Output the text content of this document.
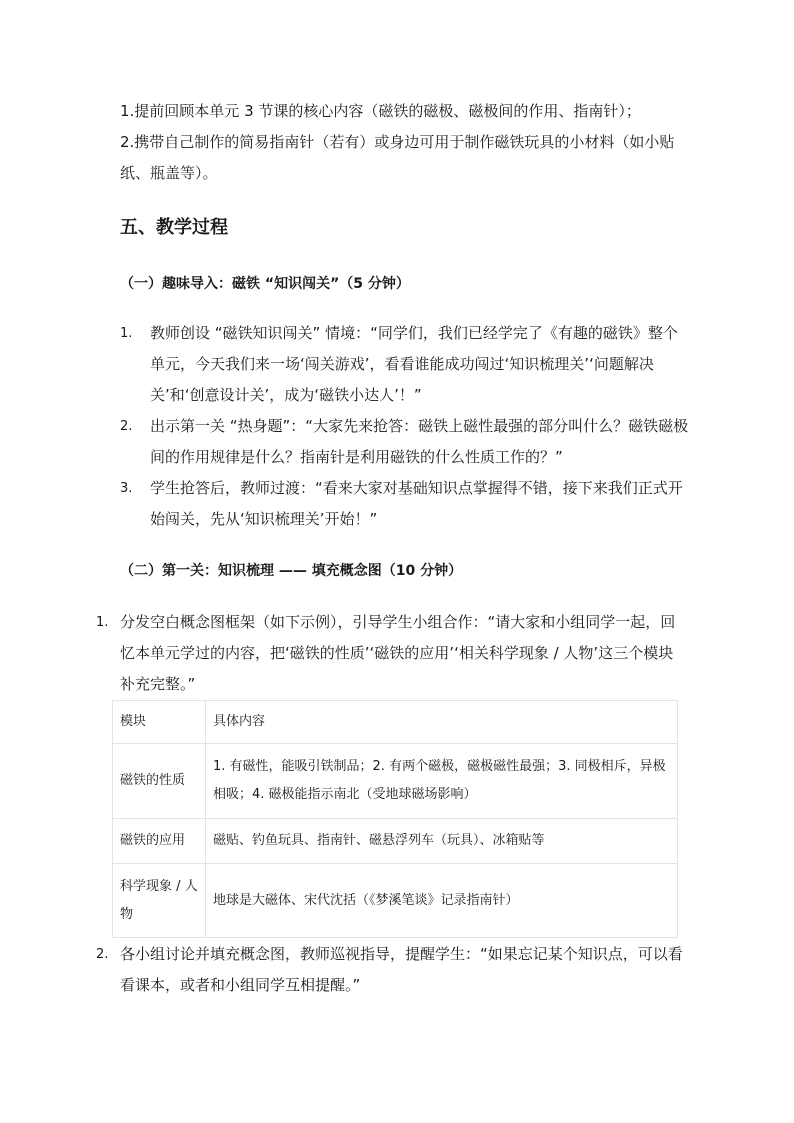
1.提前回顾本单元 3 节课的核心内容（磁铁的磁极、磁极间的作用、指南针）；

2.携带自己制作的简易指南针（若有）或身边可用于制作磁铁玩具的小材料（如小贴纸、瓶盖等）。

五、教学过程
（一）趣味导入：磁铁 “知识闯关”（5 分钟）
1. 教师创设 “磁铁知识闯关” 情境：“同学们，我们已经学完了《有趣的磁铁》整个单元，今天我们来一场‘闯关游戏’，看看谁能成功闯过‘知识梳理关’‘问题解决关’和‘创意设计关’，成为‘磁铁小达人’！”
2. 出示第一关 “热身题”：“大家先来抢答：磁铁上磁性最强的部分叫什么？磁铁磁极间的作用规律是什么？指南针是利用磁铁的什么性质工作的？”
3. 学生抢答后，教师过渡：“看来大家对基础知识点掌握得不错，接下来我们正式开始闯关，先从‘知识梳理关’开始！”
（二）第一关：知识梳理 —— 填充概念图（10 分钟）
1. 分发空白概念图框架（如下示例），引导学生小组合作：“请大家和小组同学一起，回忆本单元学过的内容，把‘磁铁的性质’‘磁铁的应用’‘相关科学现象 / 人物’这三个模块补充完整。”
模块	具体内容
磁铁的性质	1. 有磁性，能吸引铁制品；2. 有两个磁极，磁极磁性最强；3. 同极相斥，异极相吸；4. 磁极能指示南北（受地球磁场影响）
磁铁的应用	磁贴、钓鱼玩具、指南针、磁悬浮列车（玩具）、冰箱贴等
科学现象 / 人物	地球是大磁体、宋代沈括（《梦溪笔谈》记录指南针）
2. 各小组讨论并填充概念图，教师巡视指导，提醒学生：“如果忘记某个知识点，可以看看课本，或者和小组同学互相提醒。”
